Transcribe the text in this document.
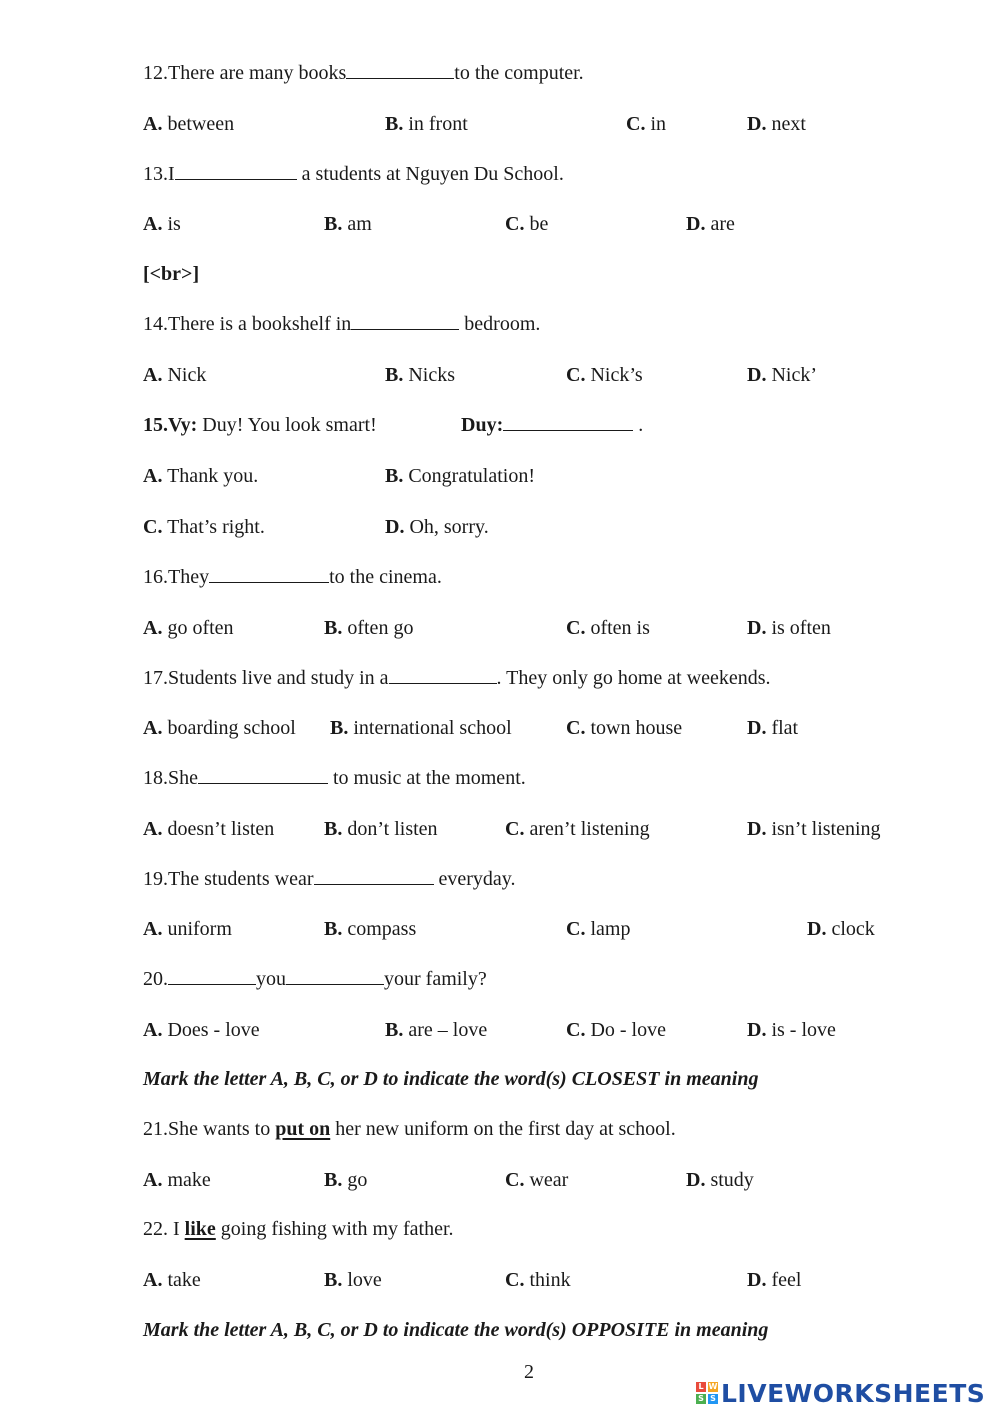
12.There are many books	to the computer.
A. between	B. in front	C. in	D. next
13.I	a students at Nguyen Du School.
A. is	B. am	C. be	D. are
[<br>]
14.There is a bookshelf in	bedroom.
A. Nick	B. Nicks	C. Nick’s	D. Nick’
15.Vy: Duy! You look smart!	Duy:	.
A. Thank you.	B. Congratulation!
C. That’s right.	D. Oh, sorry.
16.They	to the cinema.
A. go often	B. often go	C. often is	D. is often
17.Students live and study in a	. They only go home at weekends.
A. boarding school B. international school	C. town house	D. flat
18.She	to music at the moment.
A. doesn’t listen B. don’t listen	C. aren’t listening	D. isn’t listening
19.The students wear	everyday.
A. uniform	B. compass	C. lamp	D. clock
20.	you	your family?
A. Does - love	B. are – love	C. Do - love	D. is - love
Mark the letter A, B, C, or D to indicate the word(s) CLOSEST in meaning
21.She wants to put on her new uniform on the first day at school.
A. make	B. go	C. wear	D. study
22. I like going fishing with my father.
A. take	B. love	C. think	D. feel
Mark the letter A, B, C, or D to indicate the word(s) OPPOSITE in meaning
2
L W
S S LIVEWORKSHEETS
